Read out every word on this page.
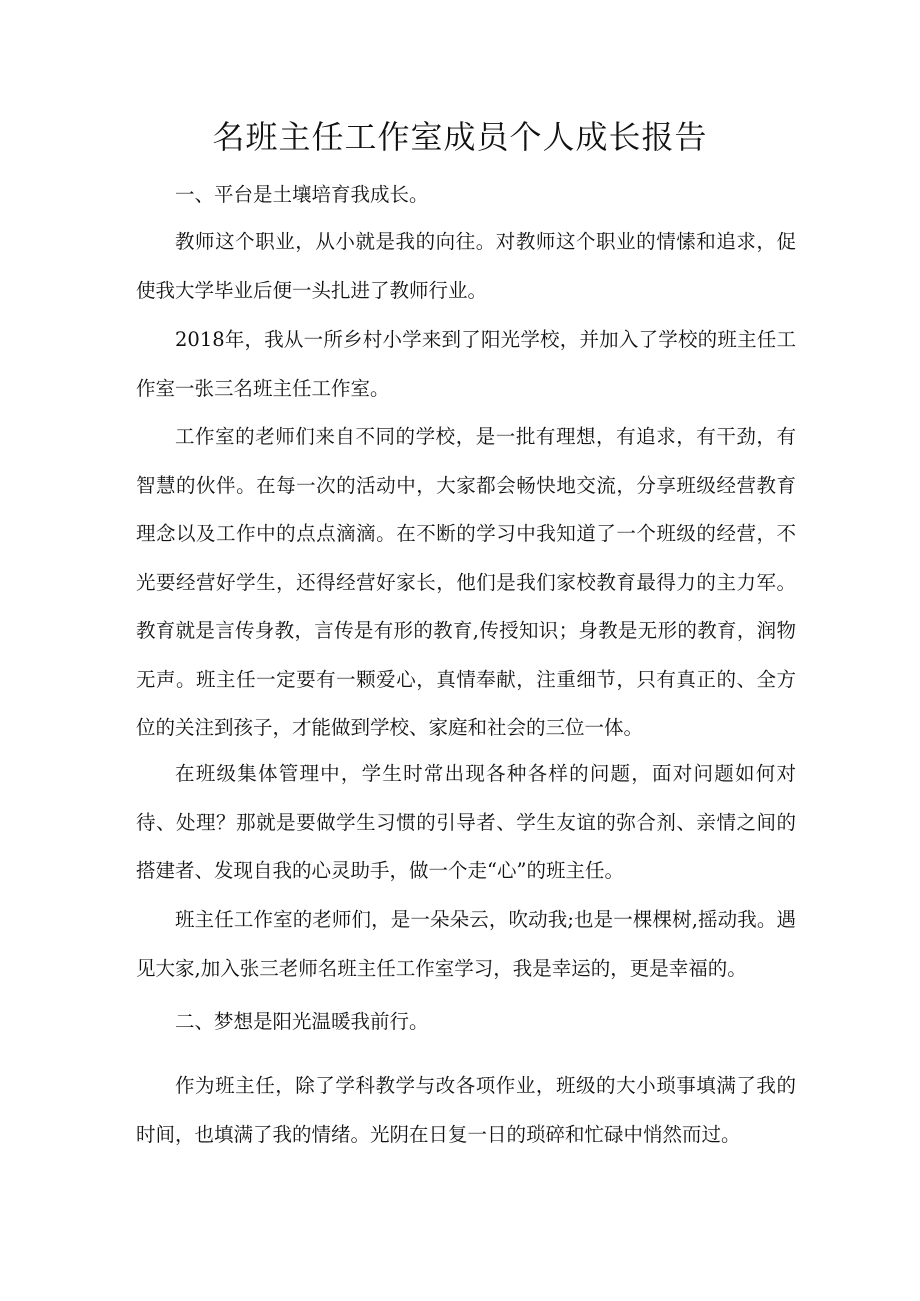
名班主任工作室成员个人成长报告

一、平台是土壤培育我成长。

教师这个职业，从小就是我的向往。对教师这个职业的情愫和追求，促使我大学毕业后便一头扎进了教师行业。

2018年，我从一所乡村小学来到了阳光学校，并加入了学校的班主任工作室一张三名班主任工作室。

工作室的老师们来自不同的学校，是一批有理想，有追求，有干劲，有智慧的伙伴。在每一次的活动中，大家都会畅快地交流，分享班级经营教育理念以及工作中的点点滴滴。在不断的学习中我知道了一个班级的经营，不光要经营好学生，还得经营好家长，他们是我们家校教育最得力的主力军。教育就是言传身教，言传是有形的教育,传授知识；身教是无形的教育，润物无声。班主任一定要有一颗爱心，真情奉献，注重细节，只有真正的、全方位的关注到孩子，才能做到学校、家庭和社会的三位一体。

在班级集体管理中，学生时常出现各种各样的问题，面对问题如何对待、处理？那就是要做学生习惯的引导者、学生友谊的弥合剂、亲情之间的搭建者、发现自我的心灵助手，做一个走“心”的班主任。

班主任工作室的老师们，是一朵朵云，吹动我;也是一棵棵树,摇动我。遇见大家,加入张三老师名班主任工作室学习，我是幸运的，更是幸福的。

二、梦想是阳光温暖我前行。

作为班主任，除了学科教学与改各项作业，班级的大小琐事填满了我的时间，也填满了我的情绪。光阴在日复一日的琐碎和忙碌中悄然而过。
